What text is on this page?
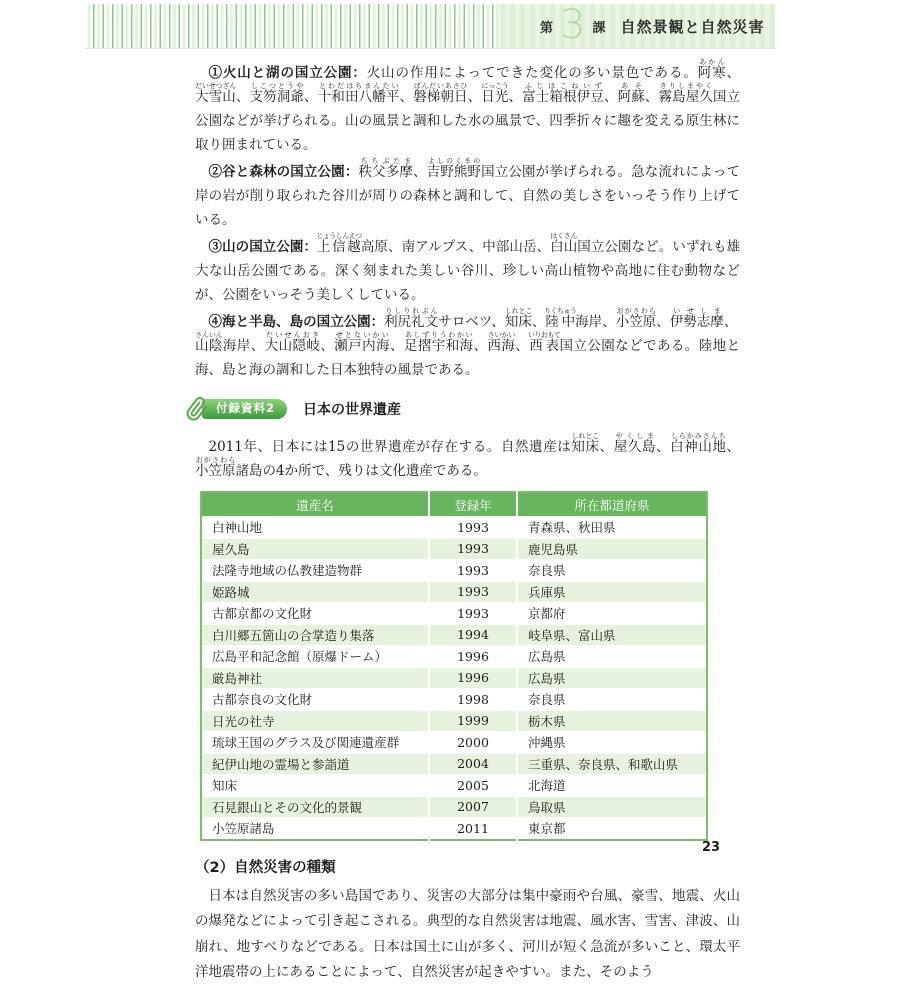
第 3 課 自然景観と自然災害

①火山と湖の国立公園：火山の作用によってできた変化の多い景色である。阿寒あかん、大雪山だいせつざん、支笏洞爺しこつとうや、十和田八幡平とわだはちまんたい、磐梯朝日ばんだいあさひ、日光にっこう、富士箱根伊豆ふじはこねいず、阿蘇あそ、霧島屋久きりしまやく国立公園などが挙げられる。山の風景と調和した水の風景で、四季折々に趣を変える原生林に取り囲まれている。

②谷と森林の国立公園：秩父多摩ちちぶたま、吉野熊野よしのくまの国立公園が挙げられる。急な流れによって岸の岩が削り取られた谷川が周りの森林と調和して、自然の美しさをいっそう作り上げている。

③山の国立公園：上信越じょうしんえつ高原、南アルプス、中部山岳、白山はくさん国立公園など。いずれも雄大な山岳公園である。深く刻まれた美しい谷川、珍しい高山植物や高地に住む動物などが、公園をいっそう美しくしている。

④海と半島、島の国立公園：利尻礼文りしりれぶんサロベツ、知床しれとこ、陸中りくちゅう海岸、小笠原おがさわら、伊勢志摩いせしま、山陰さんいん海岸、大山隠岐だいせんおき、瀬戸内海せとないかい、足摺宇和海あしずりうわかい、西海さいかい、西表いりおもて国立公園などである。陸地と海、島と海の調和した日本独特の風景である。

付録資料2	日本の世界遺産

2011年、日本には15の世界遺産が存在する。自然遺産は知床しれとこ、屋久島やくしま、白神山地しらかみさんち、小笠原おがさわら諸島の4か所で、残りは文化遺産である。

遺産名	登録年	所在都道府県
白神山地	1993	青森県、秋田県
屋久島	1993	鹿児島県
法隆寺地域の仏教建造物群	1993	奈良県
姫路城	1993	兵庫県
古都京都の文化財	1993	京都府
白川郷五箇山の合掌造り集落	1994	岐阜県、富山県
広島平和記念館（原爆ドーム）	1996	広島県
厳島神社	1996	広島県
古都奈良の文化財	1998	奈良県
日光の社寺	1999	栃木県
琉球王国のグラス及び関連遺産群	2000	沖縄県
紀伊山地の霊場と参詣道	2004	三重県、奈良県、和歌山県
知床	2005	北海道
石見銀山とその文化的景観	2007	鳥取県
小笠原諸島	2011	東京都
（2）自然災害の種類

日本は自然災害の多い島国であり、災害の大部分は集中豪雨や台風、豪雪、地震、火山の爆発などによって引き起こされる。典型的な自然災害は地震、風水害、雪害、津波、山崩れ、地すべりなどである。日本は国土に山が多く、河川が短く急流が多いこと、環太平洋地震帯の上にあることによって、自然災害が起きやすい。また、そのよう

23
